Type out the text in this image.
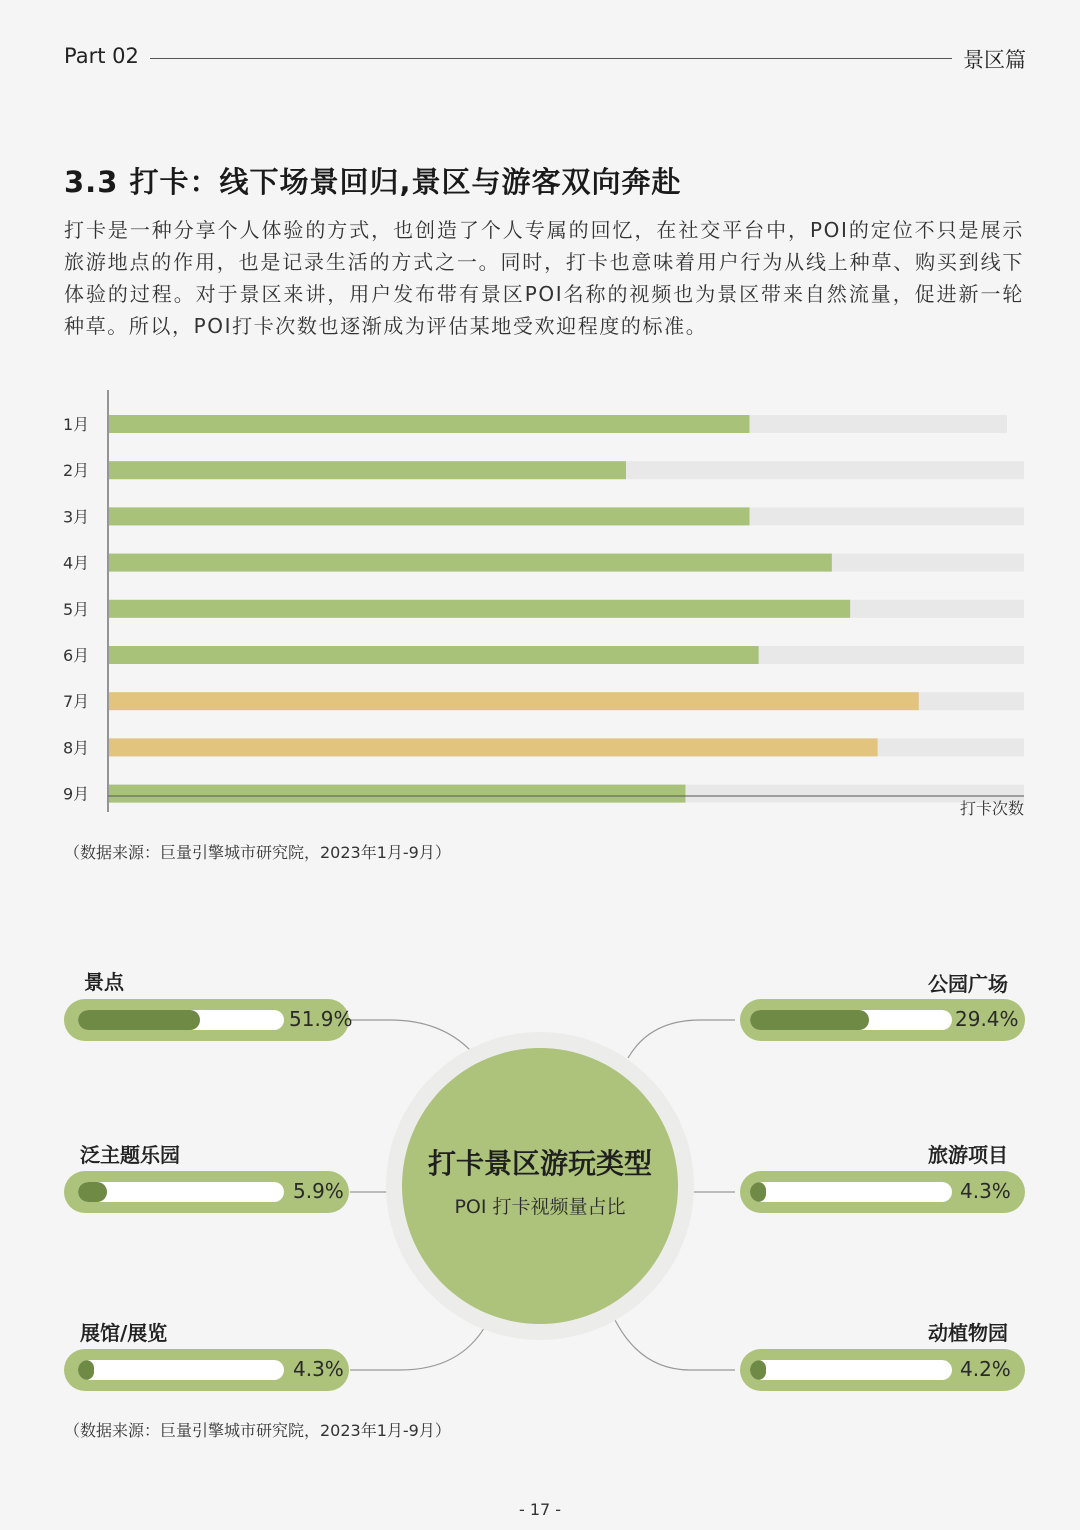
Part 02	景区篇
3.3 打卡：线下场景回归,景区与游客双向奔赴
打卡是一种分享个人体验的方式，也创造了个人专属的回忆，在社交平台中，POI的定位不只是展示旅游地点的作用，也是记录生活的方式之一。同时，打卡也意味着用户行为从线上种草、购买到线下体验的过程。对于景区来讲，用户发布带有景区POI名称的视频也为景区带来自然流量，促进新一轮种草。所以，POI打卡次数也逐渐成为评估某地受欢迎程度的标准。
1月
2月
3月
4月
5月
6月
7月
8月
9月
打卡次数
（数据来源：巨量引擎城市研究院，2023年1月-9月）
打卡景区游玩类型
POI 打卡视频量占比
景点
51.9%
泛主题乐园
5.9%
展馆/展览
4.3%
公园广场
29.4%
旅游项目
4.3%
动植物园
4.2%
（数据来源：巨量引擎城市研究院，2023年1月-9月）
- 17 -
